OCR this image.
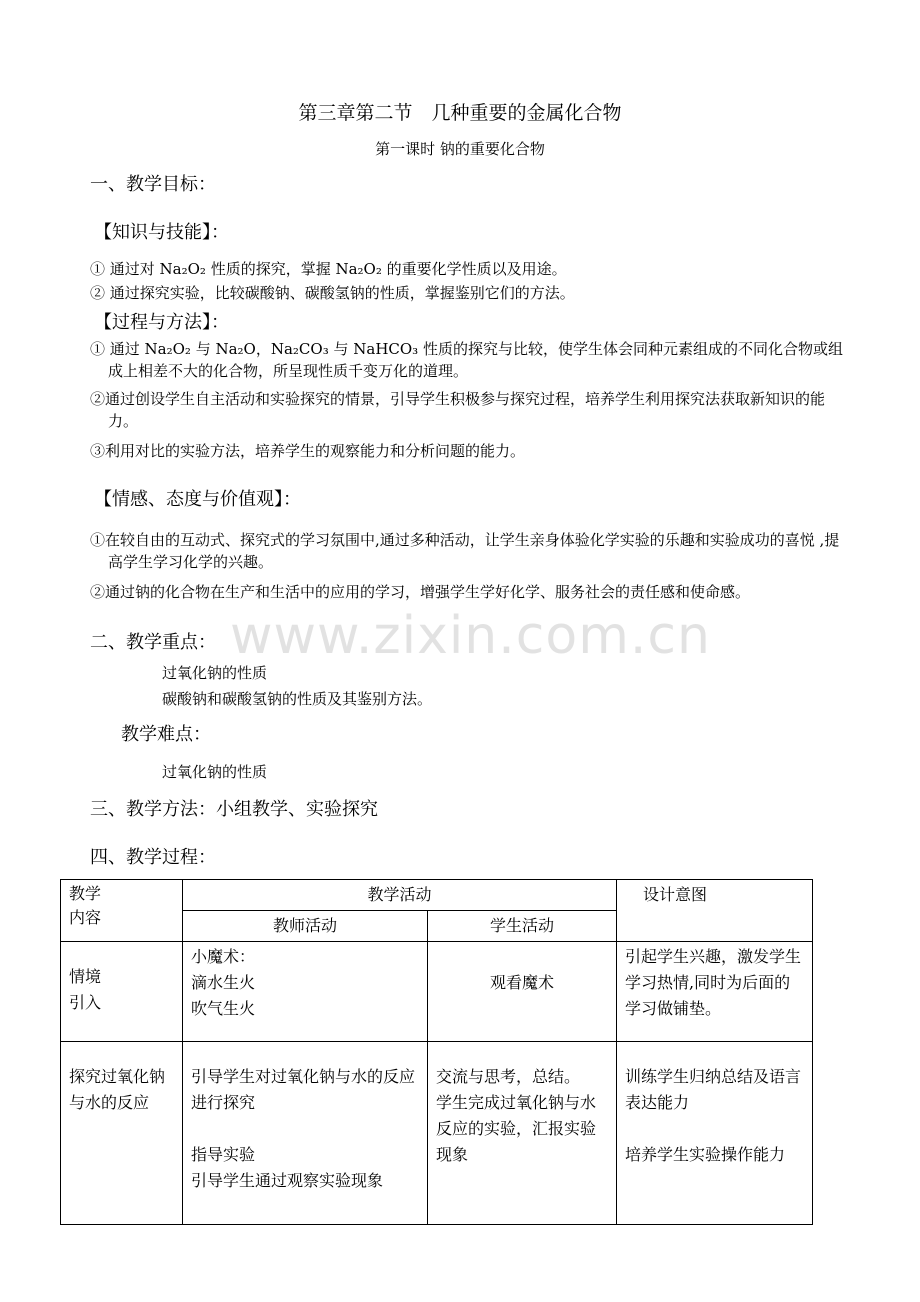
第三章第二节　几种重要的金属化合物
第一课时 钠的重要化合物
一、教学目标：
【知识与技能】：
① 通过对 Na₂O₂ 性质的探究，掌握 Na₂O₂ 的重要化学性质以及用途。
② 通过探究实验，比较碳酸钠、碳酸氢钠的性质，掌握鉴别它们的方法。
【过程与方法】：
① 通过 Na₂O₂ 与 Na₂O，Na₂CO₃ 与 NaHCO₃ 性质的探究与比较，使学生体会同种元素组成的不同化合物或组成上相差不大的化合物，所呈现性质千变万化的道理。
②通过创设学生自主活动和实验探究的情景，引导学生积极参与探究过程，培养学生利用探究法获取新知识的能力。
③利用对比的实验方法，培养学生的观察能力和分析问题的能力。
【情感、态度与价值观】：
①在较自由的互动式、探究式的学习氛围中,通过多种活动，让学生亲身体验化学实验的乐趣和实验成功的喜悦 ,提高学生学习化学的兴趣。
②通过钠的化合物在生产和生活中的应用的学习，增强学生学好化学、服务社会的责任感和使命感。
www.zixin.com.cn
二、教学重点：
过氧化钠的性质
碳酸钠和碳酸氢钠的性质及其鉴别方法。
教学难点：
过氧化钠的性质
三、教学方法：小组教学、实验探究
四、教学过程：
教学
内容	教学活动		设计意图
	教师活动	学生活动	
情境
引入	小魔术：
滴水生火
吹气生火	观看魔术	引起学生兴趣，激发学生学习热情,同时为后面的学习做铺垫。
探究过氧化钠与水的反应	引导学生对过氧化钠与水的反应进行探究

指导实验
引导学生通过观察实验现象	交流与思考，总结。
学生完成过氧化钠与水反应的实验，汇报实验现象	训练学生归纳总结及语言表达能力

培养学生实验操作能力
